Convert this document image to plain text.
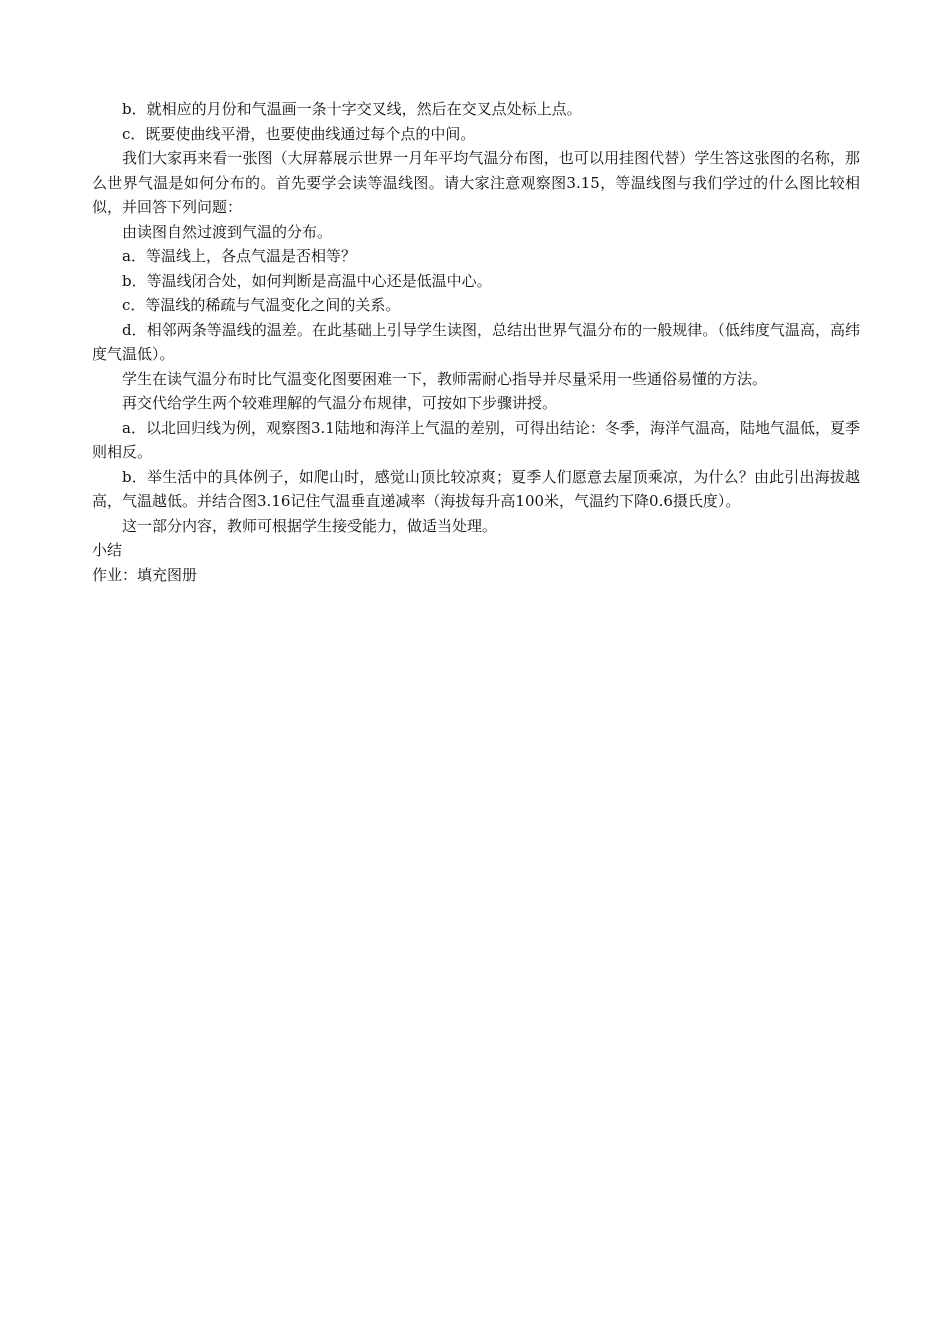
b．就相应的月份和气温画一条十字交叉线，然后在交叉点处标上点。

c．既要使曲线平滑，也要使曲线通过每个点的中间。

我们大家再来看一张图（大屏幕展示世界一月年平均气温分布图，也可以用挂图代替）学生答这张图的名称，那么世界气温是如何分布的。首先要学会读等温线图。请大家注意观察图3.15，等温线图与我们学过的什么图比较相似，并回答下列问题：

由读图自然过渡到气温的分布。

a．等温线上，各点气温是否相等？

b．等温线闭合处，如何判断是高温中心还是低温中心。

c．等温线的稀疏与气温变化之间的关系。

d．相邻两条等温线的温差。在此基础上引导学生读图，总结出世界气温分布的一般规律。（低纬度气温高，高纬度气温低）。

学生在读气温分布时比气温变化图要困难一下，教师需耐心指导并尽量采用一些通俗易懂的方法。

再交代给学生两个较难理解的气温分布规律，可按如下步骤讲授。

a．以北回归线为例，观察图3.1陆地和海洋上气温的差别，可得出结论：冬季，海洋气温高，陆地气温低，夏季则相反。

b．举生活中的具体例子，如爬山时，感觉山顶比较凉爽；夏季人们愿意去屋顶乘凉，为什么？由此引出海拔越高，气温越低。并结合图3.16记住气温垂直递减率（海拔每升高100米，气温约下降0.6摄氏度）。

这一部分内容，教师可根据学生接受能力，做适当处理。

小结

作业：填充图册
